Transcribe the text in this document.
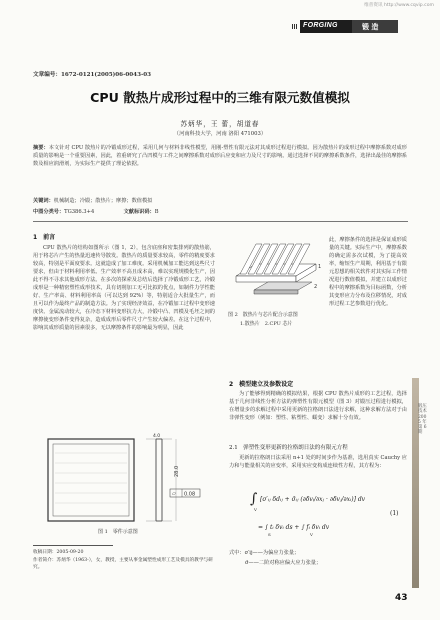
维普资讯 http://www.cqvip.com
FORGING	锻 造
文章编号：1672-0121(2005)06-0043-03
CPU 散热片成形过程中的三维有限元数值模拟
苏炳华，王 蕾，胡道春
（河南科技大学，河南 洛阳 471003）
摘要：本文针对 CPU 散热片的冷锻成形过程，采用几何与材料非线性模型，用刚-塑性有限元法对其成形过程进行模拟。因为散热片的成形过程中摩擦系数对成形质量的影响是一个重要因素，因此，着重研究了凸凹模与工件之间摩擦系数对成形后应变和应力及尺寸的影响。通过选择不同的摩擦系数条件，选择出最佳的摩擦系数及相应润滑剂，为实际生产提供了理论依据。
关键词：机械制造；冷锻；散热片；摩擦；数值模拟
中图分类号：TG386.3+4	文献标识码：B
1　前言
CPU 散热片的结构如图所示（图 1，2），包含底座和密集排列的散热筋，用于将芯片产生的热量迅速传导散发。散热片的质量要求较高，零件的精度要求较高，特别是平面度要求。这就造成了加工难度。采用机械加工能达到这些尺寸要求，但由于材料利用率低、生产效率不高且成本高，难以实现规模化生产，因此不得不寻求其他成形方法。在多次的探索及总结后选择了冷锻成形工艺，冷锻成形是一种精密塑性成形技术，具有切削加工无可比拟的优点，如制件力学性能好、生产率高、材料利用率高（可以达到 92%）等，特别适合大批量生产，而且可以作为最终产品的制造方法。为了实现经济效益，在冷锻加工过程中变形速度快、金属流动较大，在冷态下材料变形抗力大，冷锻中凸、凹模及毛坯之间的摩擦使变形条件变得复杂，造成成形后零件尺寸产生较大偏差。在这个过程中，影响其成形质量的因素很多，无以摩擦条件的影响最为明显，因此
⏥ 0.08
28.0
4.0
图 1　零件示意图
收稿日期：2005-09-20
作者简介：苏炳华（1963-），女，教授，主要从事金属塑性成形工艺及模具的教学与研究。
1
2
图 2　散热片与芯片配合示意图
1.散热片　2.CPU 芯片
此，摩擦条件的选择是保证成形质量的关键。实际生产中，摩擦系数的确定需多次试模，为了提高效率，缩短生产周期，利用基于有限元思想的相关软件对其实际工作情况进行数值模拟，并建立以成形过程中的摩擦系数为目标函数，分析其变形应力分布及位移情况，对成形过程工艺参数进行优化。
2　模型建立及参数设定
为了能够得到精确的模拟结果，根据 CPU 散热片成形的工艺过程，选择基于几何非线性分析方法的弹塑性有限元模型（图 3）对锻压过程进行模拟，在增量步的求解过程中采用更新的拉格朗日法进行求解，这种求解方法对于由非弹性变形（例如：塑性、粘塑性、蠕变）求解十分有效。
2.1　弹塑性变形更新的拉格朗日法的有限元方程
更新的拉格朗日法采用 n+1 处的时间步作为基准，选用真实 Cauchy 应力和与能量相关的应变率，采用实应变构成连续性方程，其方程为：
∫ [σ′ᵢⱼ δdᵢⱼ + σ̄ᵢⱼ (∂δvᵢ/∂xⱼ · ∂δvⱼ/∂xᵢ)] dv
V
= ∫ tᵢ δvᵢ ds + ∫ fᵢ δvᵢ dv
S	V
(1)
式中：σ′ij——为偏应力张量；
σ̄——二阶对称应偏大应力张量；
锻压技术 2005 年第 6 期
43
